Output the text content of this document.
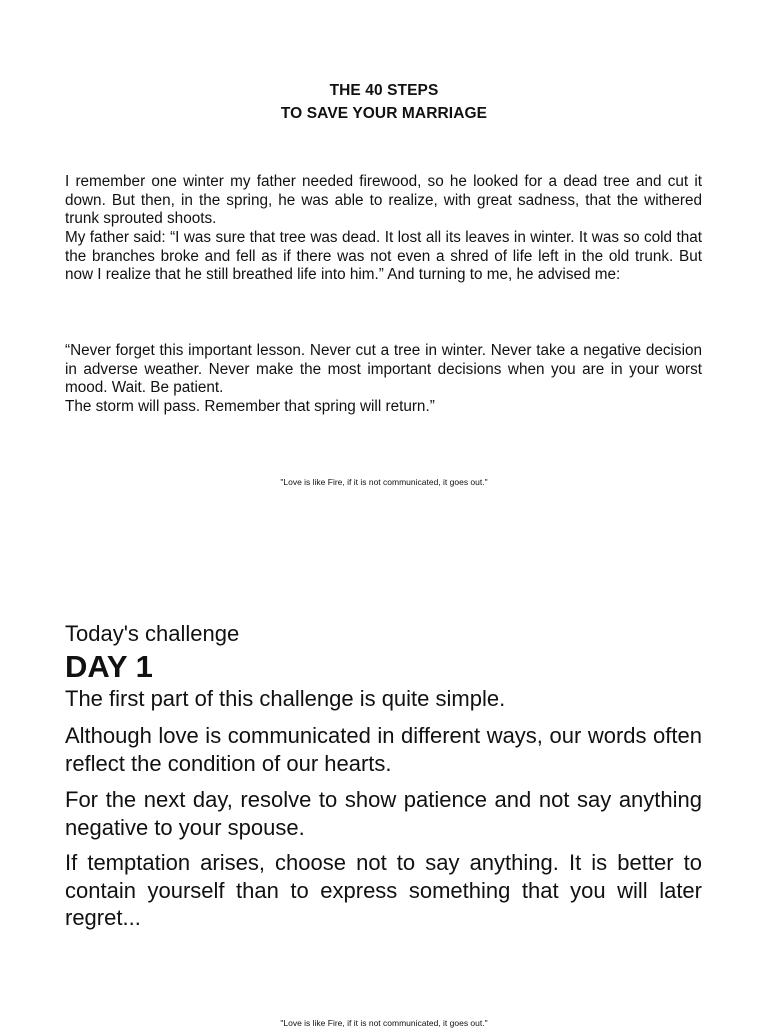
THE 40 STEPS
TO SAVE YOUR MARRIAGE

I remember one winter my father needed firewood, so he looked for a dead tree and cut it down. But then, in the spring, he was able to realize, with great sadness, that the withered trunk sprouted shoots.

My father said: “I was sure that tree was dead. It lost all its leaves in winter. It was so cold that the branches broke and fell as if there was not even a shred of life left in the old trunk. But now I realize that he still breathed life into him.” And turning to me, he advised me:

“Never forget this important lesson. Never cut a tree in winter. Never take a negative decision in adverse weather. Never make the most important decisions when you are in your worst mood. Wait. Be patient.

The storm will pass. Remember that spring will return.”

"Love is like Fire, if it is not communicated, it goes out."
Today's challenge
DAY 1

The first part of this challenge is quite simple.

Although love is communicated in different ways, our words often reflect the condition of our hearts.

For the next day, resolve to show patience and not say anything negative to your spouse.

If temptation arises, choose not to say anything. It is better to contain yourself than to express something that you will later regret...

"Love is like Fire, if it is not communicated, it goes out."
